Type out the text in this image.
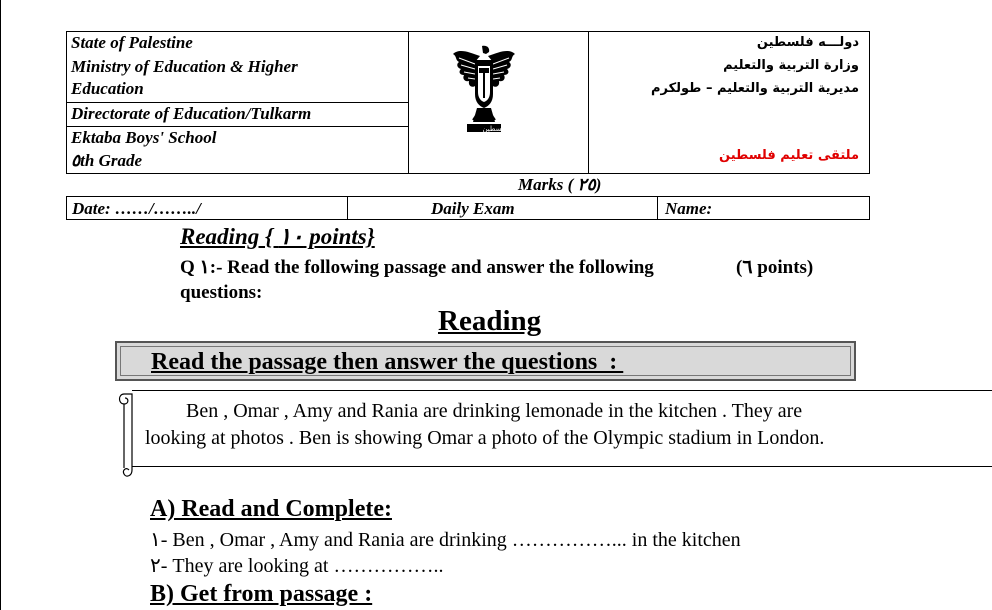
State of Palestine
Ministry of Education & Higher
Education
Directorate of Education/Tulkarm
Ektaba Boys' School
٥th Grade
فلسطين
دولـــه فلسطين
وزارة التربية والتعليم
مديرية التربية والتعليم – طولكرم
ملتقى تعليم فلسطين
Marks ( ٢٥)
Date: ……/……../	Daily Exam	Name:
Reading { ١٠ points}
Q ١:- Read the following passage and answer the following	(٦ points)
questions:
Reading
Read the passage then answer the questions  :
Ben , Omar , Amy and Rania are drinking lemonade in the kitchen . They are
looking at photos . Ben is showing Omar a photo of the Olympic stadium in London.
A) Read and Complete:
١- Ben , Omar , Amy and Rania are drinking ……………... in the kitchen
٢- They are looking at ……………..
B) Get from passage :
